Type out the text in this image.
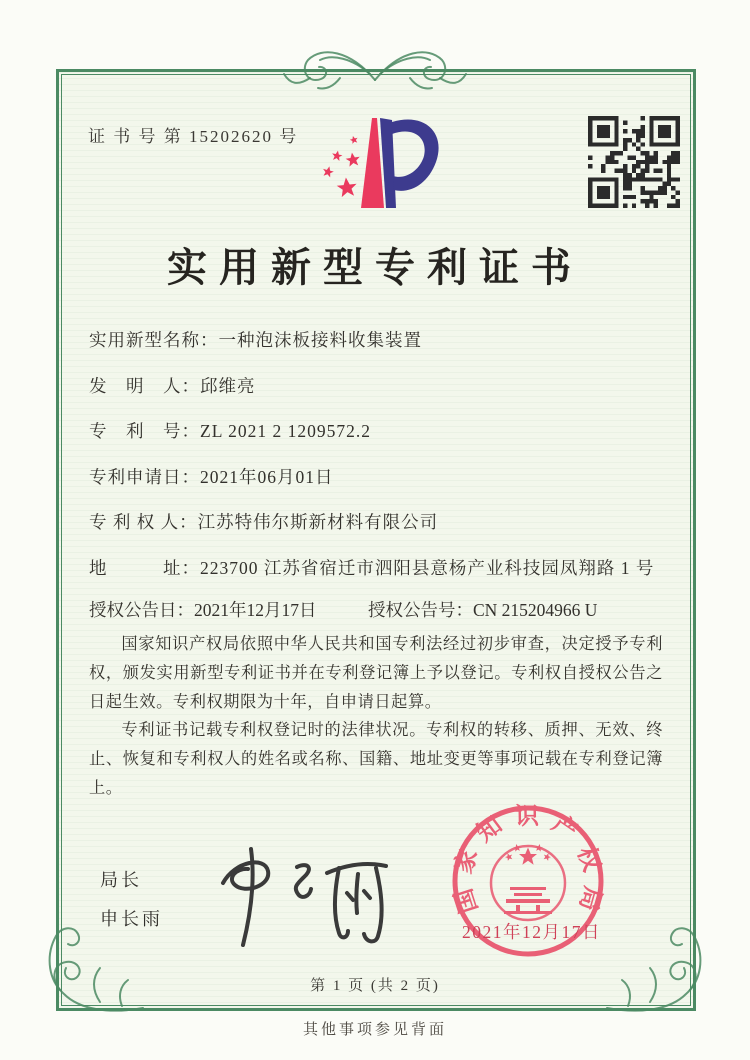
证 书 号 第 15202620 号
实用新型专利证书
实用新型名称：一种泡沫板接料收集装置
发　明　人：邱维亮
专　利　号：ZL 2021 2 1209572.2
专利申请日：2021年06月01日
专 利 权 人：江苏特伟尔斯新材料有限公司
地　　　址：223700 江苏省宿迁市泗阳县意杨产业科技园凤翔路 1 号
授权公告日：2021年12月17日	授权公告号：CN 215204966 U

国家知识产权局依照中华人民共和国专利法经过初步审查，决定授予专利权，颁发实用新型专利证书并在专利登记簿上予以登记。专利权自授权公告之日起生效。专利权期限为十年，自申请日起算。

专利证书记载专利权登记时的法律状况。专利权的转移、质押、无效、终止、恢复和专利权人的姓名或名称、国籍、地址变更等事项记载在专利登记簿上。

局长
申长雨
国家知识产权局
2021年12月17日
第 1 页 (共 2 页)
其他事项参见背面
